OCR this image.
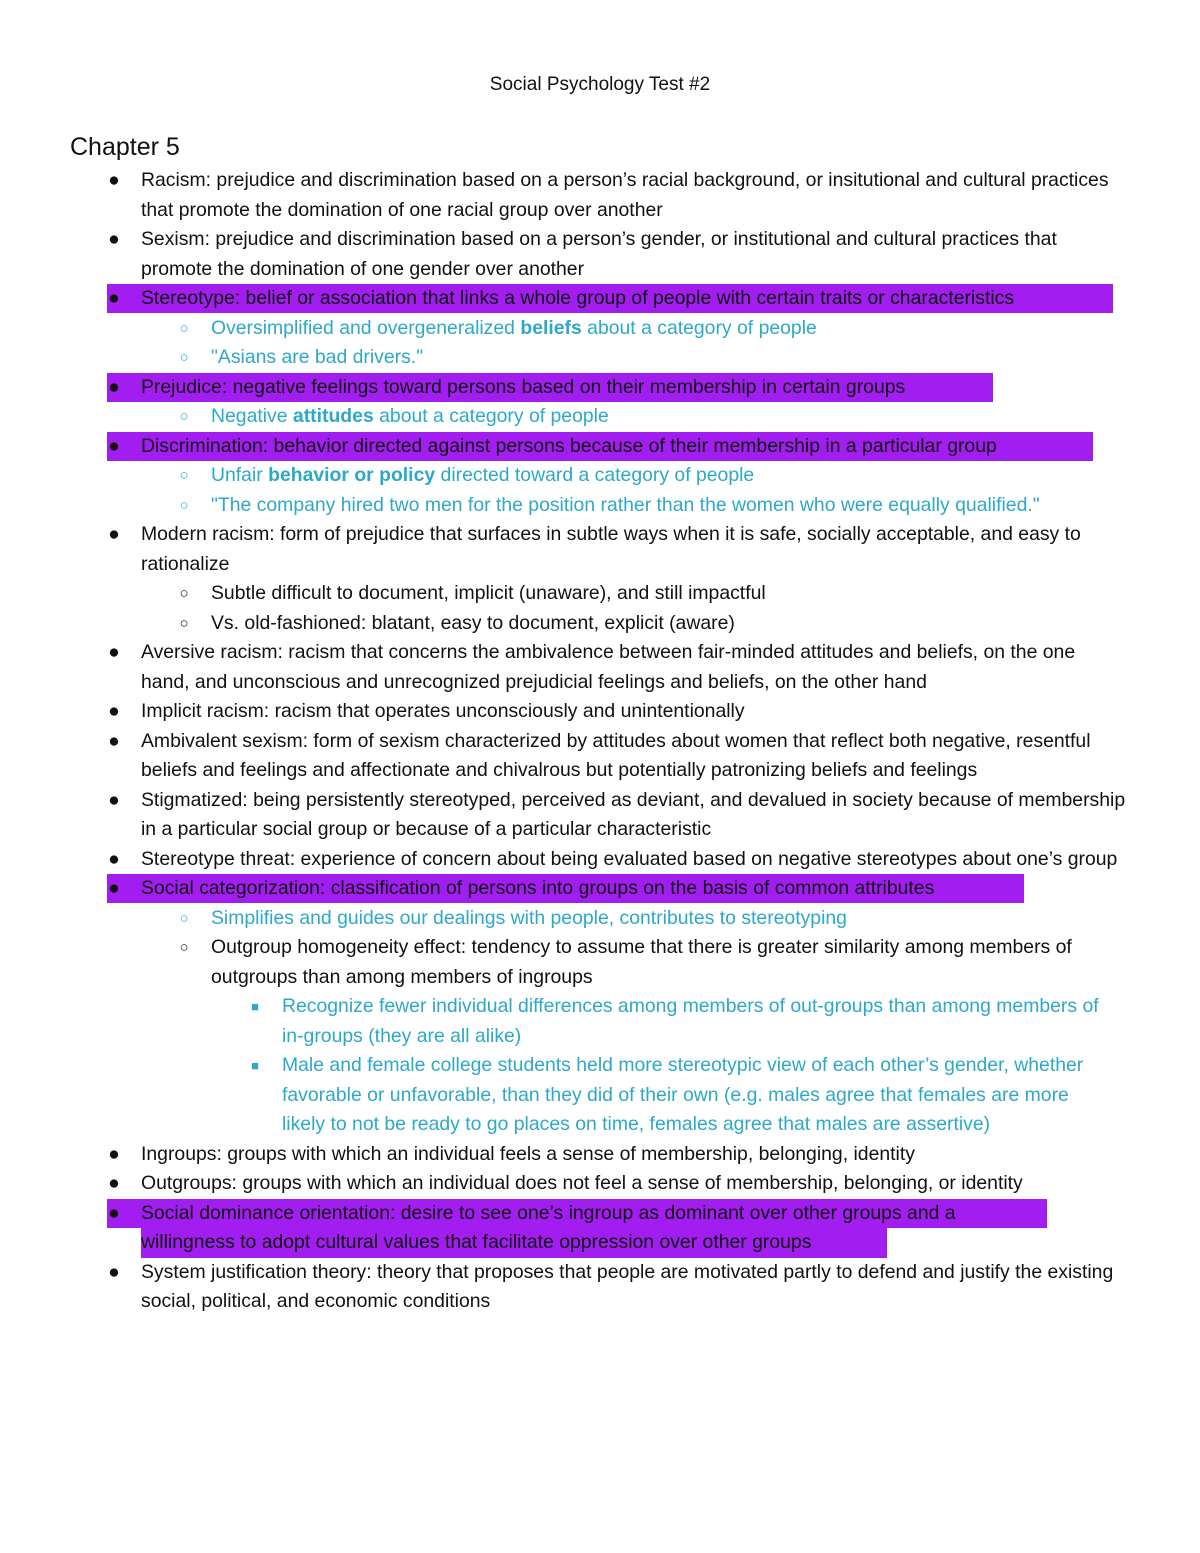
Social Psychology Test #2
Chapter 5
● Racism: prejudice and discrimination based on a person’s racial background, or insitutional and cultural practices that promote the domination of one racial group over another
● Sexism: prejudice and discrimination based on a person’s gender, or institutional and cultural practices that promote the domination of one gender over another
● Stereotype: belief or association that links a whole group of people with certain traits or characteristics
○ Oversimplified and overgeneralized beliefs about a category of people
○ "Asians are bad drivers."
● Prejudice: negative feelings toward persons based on their membership in certain groups
○ Negative attitudes about a category of people
● Discrimination: behavior directed against persons because of their membership in a particular group
○ Unfair behavior or policy directed toward a category of people
○ "The company hired two men for the position rather than the women who were equally qualified."
● Modern racism: form of prejudice that surfaces in subtle ways when it is safe, socially acceptable, and easy to rationalize
○ Subtle difficult to document, implicit (unaware), and still impactful
○ Vs. old-fashioned: blatant, easy to document, explicit (aware)
● Aversive racism: racism that concerns the ambivalence between fair-minded attitudes and beliefs, on the one hand, and unconscious and unrecognized prejudicial feelings and beliefs, on the other hand
● Implicit racism: racism that operates unconsciously and unintentionally
● Ambivalent sexism: form of sexism characterized by attitudes about women that reflect both negative, resentful beliefs and feelings and affectionate and chivalrous but potentially patronizing beliefs and feelings
● Stigmatized: being persistently stereotyped, perceived as deviant, and devalued in society because of membership in a particular social group or because of a particular characteristic
● Stereotype threat: experience of concern about being evaluated based on negative stereotypes about one’s group
● Social categorization: classification of persons into groups on the basis of common attributes
○ Simplifies and guides our dealings with people, contributes to stereotyping
○ Outgroup homogeneity effect: tendency to assume that there is greater similarity among members of outgroups than among members of ingroups
■ Recognize fewer individual differences among members of out-groups than among members of in-groups (they are all alike)
■ Male and female college students held more stereotypic view of each other’s gender, whether favorable or unfavorable, than they did of their own (e.g. males agree that females are more likely to not be ready to go places on time, females agree that males are assertive)
● Ingroups: groups with which an individual feels a sense of membership, belonging, identity
● Outgroups: groups with which an individual does not feel a sense of membership, belonging, or identity
● Social dominance orientation: desire to see one’s ingroup as dominant over other groups and a
willingness to adopt cultural values that facilitate oppression over other groups
● System justification theory: theory that proposes that people are motivated partly to defend and justify the existing social, political, and economic conditions
